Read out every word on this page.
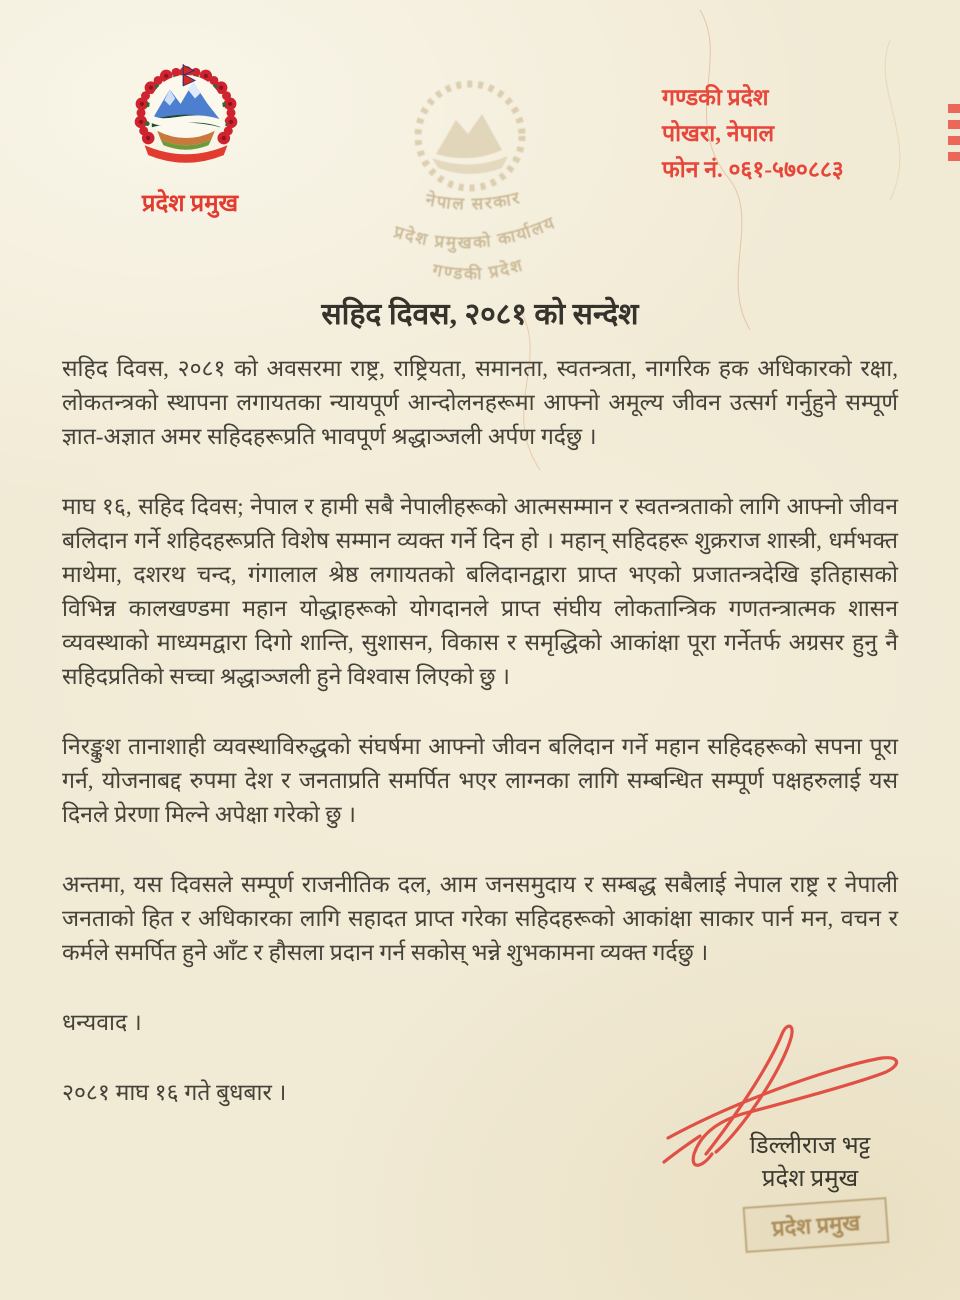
प्रदेश प्रमुख	नेपाल सरकार
प्रदेश प्रमुखको कार्यालय
गण्डकी प्रदेश
गण्डकी प्रदेश
पोखरा, नेपाल
फोन नं. ०६१-५७०८८३
सहिद दिवस, २०८१ को सन्देश

सहिद दिवस, २०८१ को अवसरमा राष्ट्र, राष्ट्रियता, समानता, स्वतन्त्रता, नागरिक हक अधिकारको रक्षा, लोकतन्त्रको स्थापना लगायतका न्यायपूर्ण आन्दोलनहरूमा आफ्नो अमूल्य जीवन उत्सर्ग गर्नुहुने सम्पूर्ण ज्ञात-अज्ञात अमर सहिदहरूप्रति भावपूर्ण श्रद्धाञ्जली अर्पण गर्दछु ।

माघ १६, सहिद दिवस; नेपाल र हामी सबै नेपालीहरूको आत्मसम्मान र स्वतन्त्रताको लागि आफ्नो जीवन बलिदान गर्ने शहिदहरूप्रति विशेष सम्मान व्यक्त गर्ने दिन हो । महान् सहिदहरू शुक्रराज शास्त्री, धर्मभक्त माथेमा, दशरथ चन्द, गंगालाल श्रेष्ठ लगायतको बलिदानद्वारा प्राप्त भएको प्रजातन्त्रदेखि इतिहासको विभिन्न कालखण्डमा महान योद्धाहरूको योगदानले प्राप्त संघीय लोकतान्त्रिक गणतन्त्रात्मक शासन व्यवस्थाको माध्यमद्वारा दिगो शान्ति, सुशासन, विकास र समृद्धिको आकांक्षा पूरा गर्नेतर्फ अग्रसर हुनु नै सहिदप्रतिको सच्चा श्रद्धाञ्जली हुने विश्वास लिएको छु ।

निरङ्कुश तानाशाही व्यवस्थाविरुद्धको संघर्षमा आफ्नो जीवन बलिदान गर्ने महान सहिदहरूको सपना पूरा गर्न, योजनाबद्द रुपमा देश र जनताप्रति समर्पित भएर लाग्नका लागि सम्बन्धित सम्पूर्ण पक्षहरुलाई यस दिनले प्रेरणा मिल्ने अपेक्षा गरेको छु ।

अन्तमा, यस दिवसले सम्पूर्ण राजनीतिक दल, आम जनसमुदाय र सम्बद्ध सबैलाई नेपाल राष्ट्र र नेपाली जनताको हित र अधिकारका लागि सहादत प्राप्त गरेका सहिदहरूको आकांक्षा साकार पार्न मन, वचन र कर्मले समर्पित हुने आँट र हौसला प्रदान गर्न सकोस् भन्ने शुभकामना व्यक्त गर्दछु ।

धन्यवाद ।

२०८१ माघ १६ गते बुधबार ।

डिल्लीराज भट्ट
प्रदेश प्रमुख
प्रदेश प्रमुख
